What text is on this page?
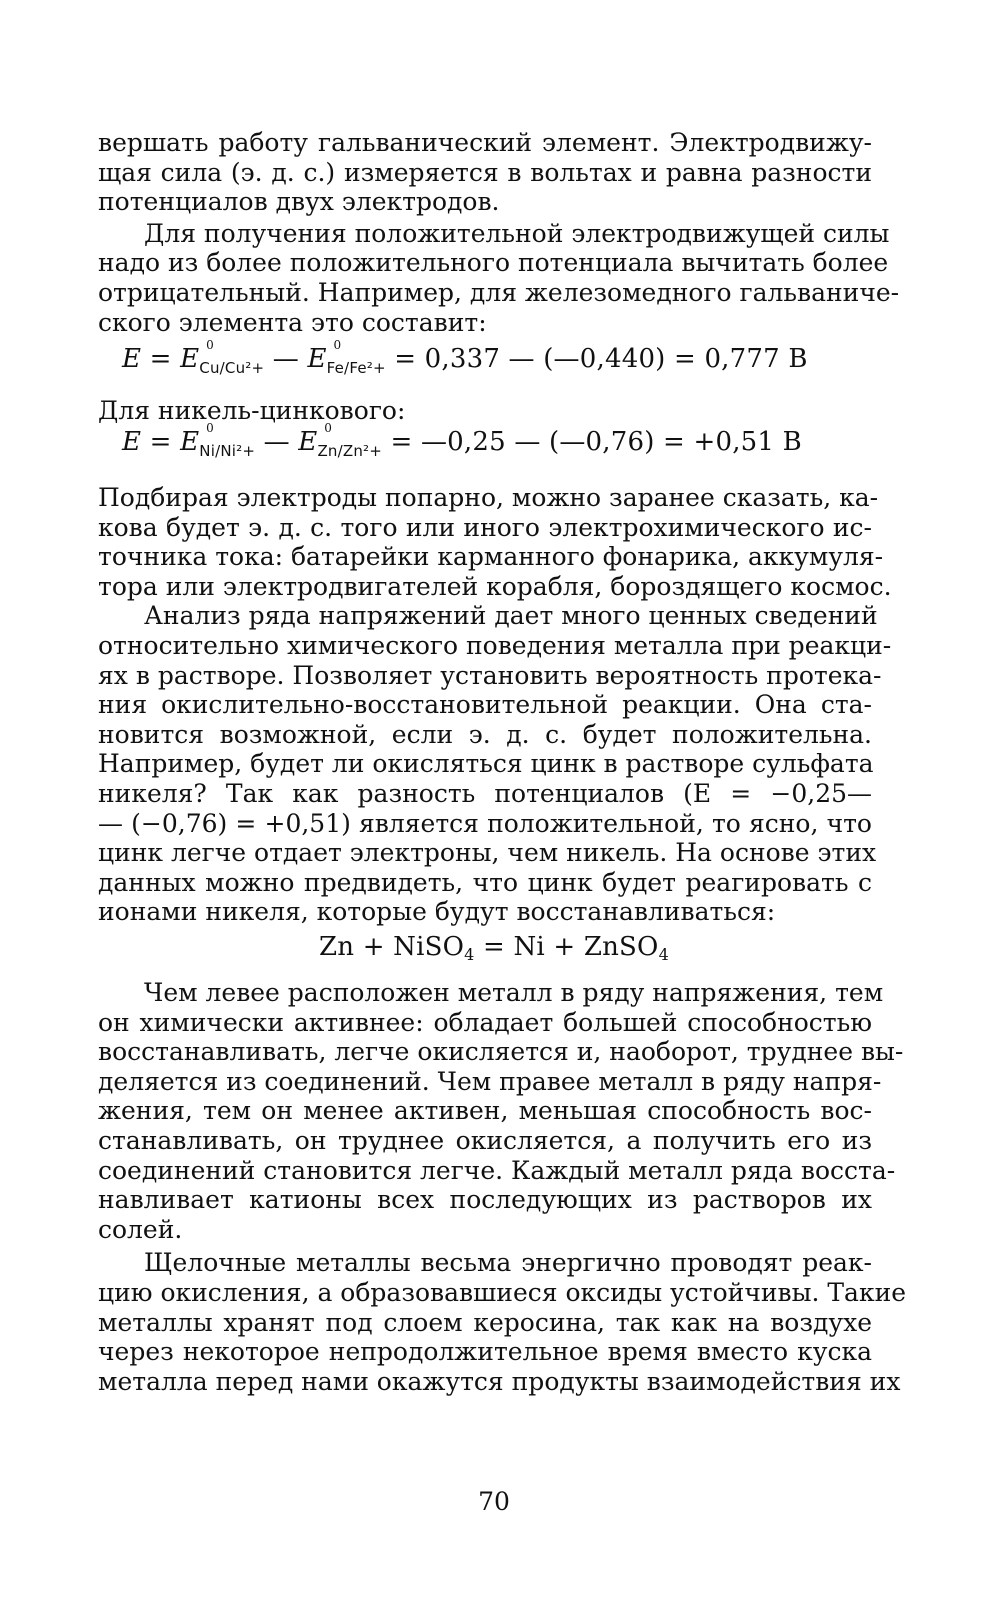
вершать работу гальванический элемент. Электродвижу-
щая сила (э. д. с.) измеряется в вольтах и равна разности
потенциалов двух электродов.

Для получения положительной электродвижущей силы
надо из более положительного потенциала вычитать более
отрицательный. Например, для железомедного гальваниче-
ского элемента это составит:

E = E 0
$_{Cu/Cu^2+}$ — E 0
$_{Fe/Fe^2+}$ = 0,337 — (—0,440) = 0,777 В
Для никель-цинкового:
E = E 0
$_{Ni/Ni^2+}$ — E 0
$_{Zn/Zn^2+}$ = —0,25 — (—0,76) = +0,51 В

Подбирая электроды попарно, можно заранее сказать, ка-
кова будет э. д. с. того или иного электрохимического ис-
точника тока: батарейки карманного фонарика, аккумуля-
тора или электродвигателей корабля, бороздящего космос.

Анализ ряда напряжений дает много ценных сведений
относительно химического поведения металла при реакци-
ях в растворе. Позволяет установить вероятность протека-
ния окислительно-восстановительной реакции. Она ста-
новится возможной, если э. д. с. будет положительна.
Например, будет ли окисляться цинк в растворе сульфата
никеля? Так как разность потенциалов (E = −0,25—
— (−0,76) = +0,51) является положительной, то ясно, что
цинк легче отдает электроны, чем никель. На основе этих
данных можно предвидеть, что цинк будет реагировать с
ионами никеля, которые будут восстанавливаться:

Zn + NiSO$_4$ = Ni + ZnSO$_4$

Чем левее расположен металл в ряду напряжения, тем
он химически активнее: обладает большей способностью
восстанавливать, легче окисляется и, наоборот, труднее вы-
деляется из соединений. Чем правее металл в ряду напря-
жения, тем он менее активен, меньшая способность вос-
станавливать, он труднее окисляется, а получить его из
соединений становится легче. Каждый металл ряда восста-
навливает катионы всех последующих из растворов их
солей.

Щелочные металлы весьма энергично проводят реак-
цию окисления, а образовавшиеся оксиды устойчивы. Такие
металлы хранят под слоем керосина, так как на воздухе
через некоторое непродолжительное время вместо куска
металла перед нами окажутся продукты взаимодействия их

70
